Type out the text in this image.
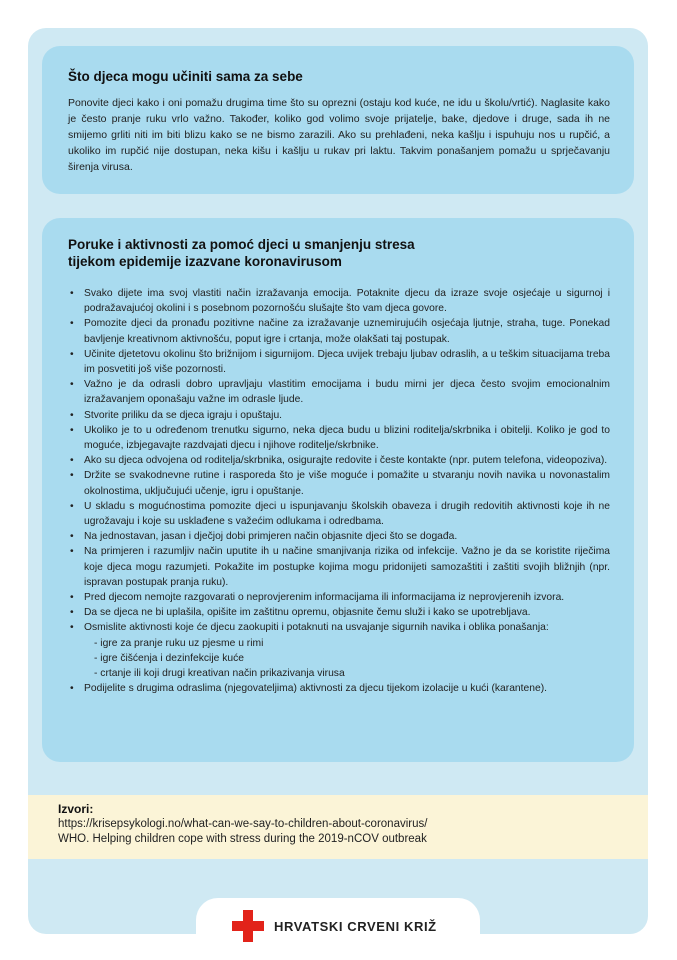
Što djeca mogu učiniti sama za sebe

Ponovite djeci kako i oni pomažu drugima time što su oprezni (ostaju kod kuće, ne idu u školu/vrtić). Naglasite kako je često pranje ruku vrlo važno. Također, koliko god volimo svoje prijatelje, bake, djedove i druge, sada ih ne smijemo grliti niti im biti blizu kako se ne bismo zarazili. Ako su prehlađeni, neka kašlju i ispuhuju nos u rupčić, a ukoliko im rupčić nije dostupan, neka kišu i kašlju u rukav pri laktu. Takvim ponašanjem pomažu u sprječavanju širenja virusa.

Poruke i aktivnosti za pomoć djeci u smanjenju stresa
tijekom epidemije izazvane koronavirusom
• Svako dijete ima svoj vlastiti način izražavanja emocija. Potaknite djecu da izraze svoje osjećaje u sigurnoj i podražavajućoj okolini i s posebnom pozornošću slušajte što vam djeca govore.
• Pomozite djeci da pronađu pozitivne načine za izražavanje uznemirujućih osjećaja ljutnje, straha, tuge. Ponekad bavljenje kreativnom aktivnošću, poput igre i crtanja, može olakšati taj postupak.
• Učinite djetetovu okolinu što brižnijom i sigurnijom. Djeca uvijek trebaju ljubav odraslih, a u teškim situacijama treba im posvetiti još više pozornosti.
• Važno je da odrasli dobro upravljaju vlastitim emocijama i budu mirni jer djeca često svojim emocionalnim izražavanjem oponašaju važne im odrasle ljude.
• Stvorite priliku da se djeca igraju i opuštaju.
• Ukoliko je to u određenom trenutku sigurno, neka djeca budu u blizini roditelja/skrbnika i obitelji. Koliko je god to moguće, izbjegavajte razdvajati djecu i njihove roditelje/skrbnike.
• Ako su djeca odvojena od roditelja/skrbnika, osigurajte redovite i česte kontakte (npr. putem telefona, videopoziva).
• Držite se svakodnevne rutine i rasporeda što je više moguće i pomažite u stvaranju novih navika u novonastalim okolnostima, uključujući učenje, igru i opuštanje.
• U skladu s mogućnostima pomozite djeci u ispunjavanju školskih obaveza i drugih redovitih aktivnosti koje ih ne ugrožavaju i koje su usklađene s važećim odlukama i odredbama.
• Na jednostavan, jasan i dječjoj dobi primjeren način objasnite djeci što se događa.
• Na primjeren i razumljiv način uputite ih u načine smanjivanja rizika od infekcije. Važno je da se koristite riječima koje djeca mogu razumjeti. Pokažite im postupke kojima mogu pridonijeti samozaštiti i zaštiti svojih bližnjih (npr. ispravan postupak pranja ruku).
• Pred djecom nemojte razgovarati o neprovjerenim informacijama ili informacijama iz neprovjerenih izvora.
• Da se djeca ne bi uplašila, opišite im zaštitnu opremu, objasnite čemu služi i kako se upotrebljava.
• Osmislite aktivnosti koje će djecu zaokupiti i potaknuti na usvajanje sigurnih navika i oblika ponašanja:
- igre za pranje ruku uz pjesme u rimi
- igre čišćenja i dezinfekcije kuće
- crtanje ili koji drugi kreativan način prikazivanja virusa
• Podijelite s drugima odraslima (njegovateljima) aktivnosti za djecu tijekom izolacije u kući (karantene).
Izvori:
https://krisepsykologi.no/what-can-we-say-to-children-about-coronavirus/
WHO. Helping children cope with stress during the 2019-nCOV outbreak
HRVATSKI CRVENI KRIŽ
